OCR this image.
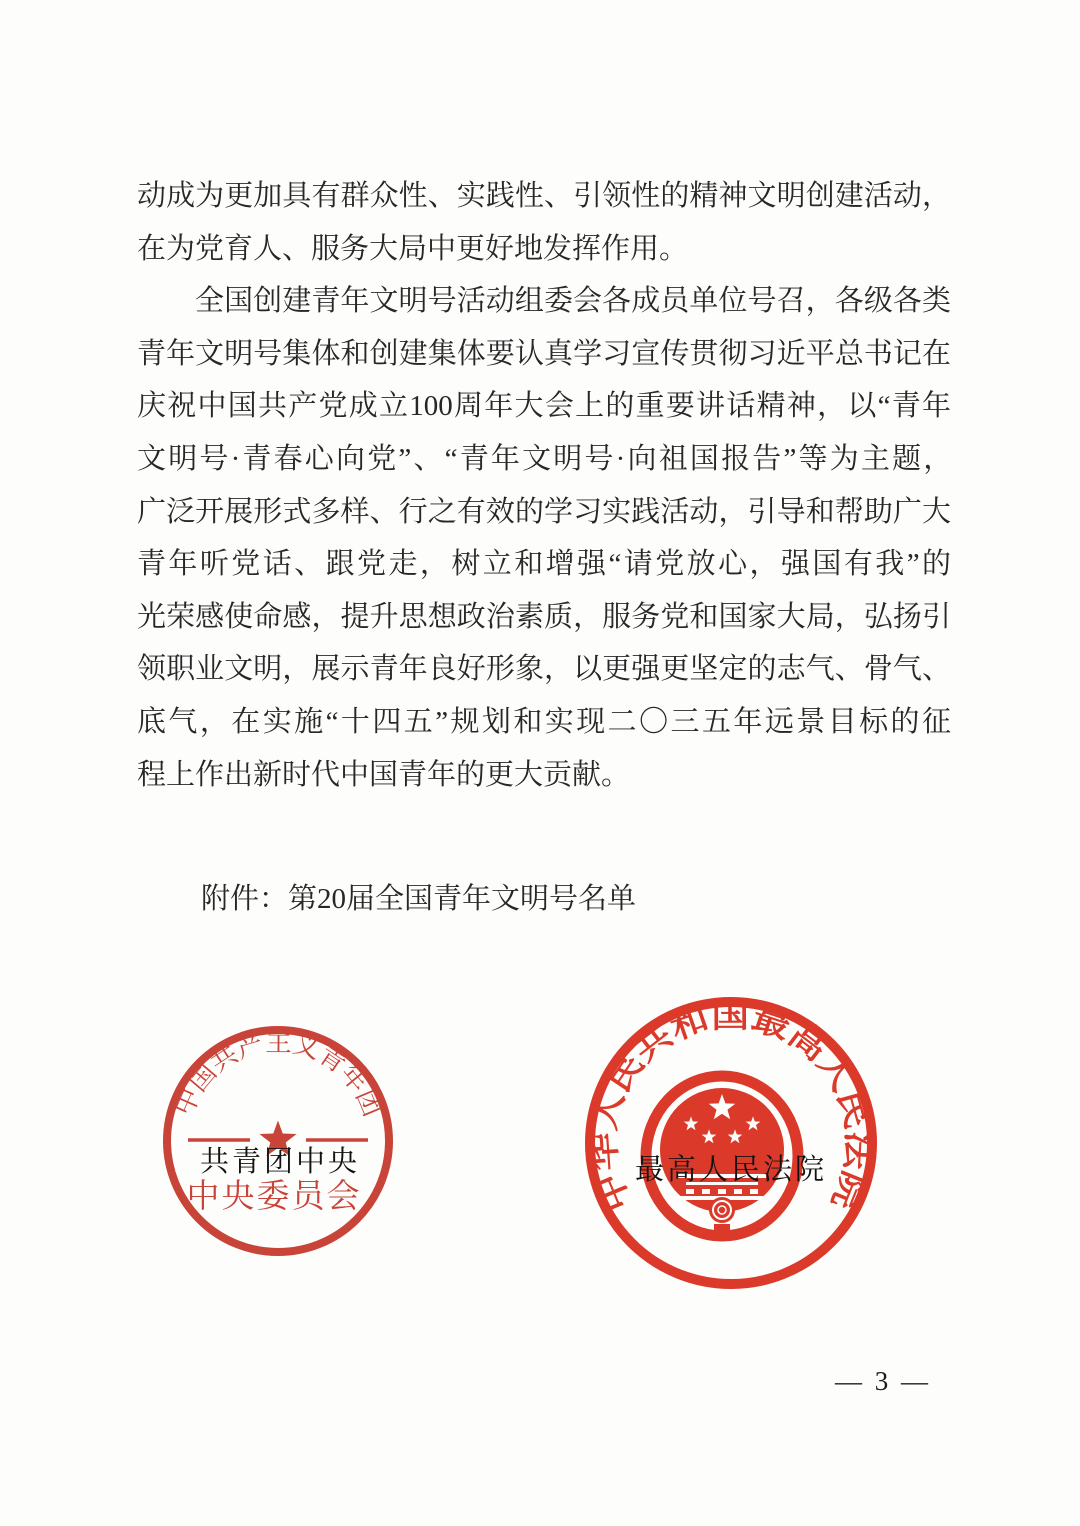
动成为更加具有群众性、实践性、引领性的精神文明创建活动，
在为党育人、服务大局中更好地发挥作用。
全国创建青年文明号活动组委会各成员单位号召，各级各类
青年文明号集体和创建集体要认真学习宣传贯彻习近平总书记在
庆祝中国共产党成立100周年大会上的重要讲话精神，以“青年
文明号·青春心向党”、“青年文明号·向祖国报告”等为主题，
广泛开展形式多样、行之有效的学习实践活动，引导和帮助广大
青年听党话、跟党走，树立和增强“请党放心，强国有我”的
光荣感使命感，提升思想政治素质，服务党和国家大局，弘扬引
领职业文明，展示青年良好形象，以更强更坚定的志气、骨气、
底气，在实施“十四五”规划和实现二〇三五年远景目标的征
程上作出新时代中国青年的更大贡献。
附件：第20届全国青年文明号名单
中国共产主义青年团
中央委员会
共青团中央
中华人民共和国最高人民法院
最高人民法院
— 3 —
